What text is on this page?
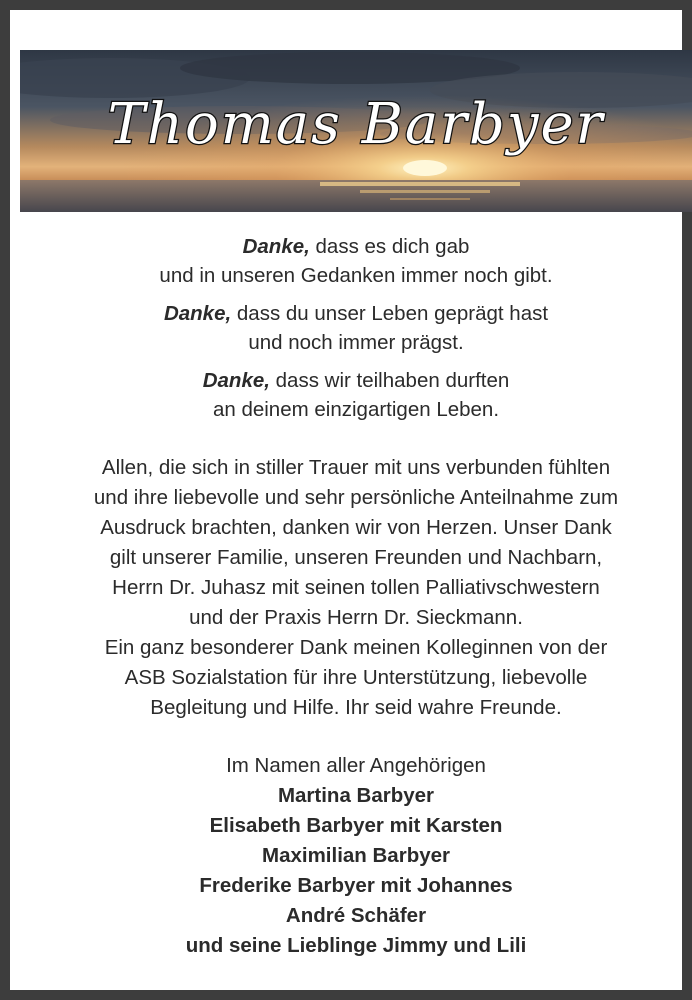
Thomas Barbyer
Danke, dass es dich gab
und in unseren Gedanken immer noch gibt.
Danke, dass du unser Leben geprägt hast
und noch immer prägst.
Danke, dass wir teilhaben durften
an deinem einzigartigen Leben.
Allen, die sich in stiller Trauer mit uns verbunden fühlten
und ihre liebevolle und sehr persönliche Anteilnahme zum
Ausdruck brachten, danken wir von Herzen. Unser Dank
gilt unserer Familie, unseren Freunden und Nachbarn,
Herrn Dr. Juhasz mit seinen tollen Palliativschwestern
und der Praxis Herrn Dr. Sieckmann.
Ein ganz besonderer Dank meinen Kolleginnen von der
ASB Sozialstation für ihre Unterstützung, liebevolle
Begleitung und Hilfe. Ihr seid wahre Freunde.
Im Namen aller Angehörigen
Martina Barbyer
Elisabeth Barbyer mit Karsten
Maximilian Barbyer
Frederike Barbyer mit Johannes
André Schäfer
und seine Lieblinge Jimmy und Lili
